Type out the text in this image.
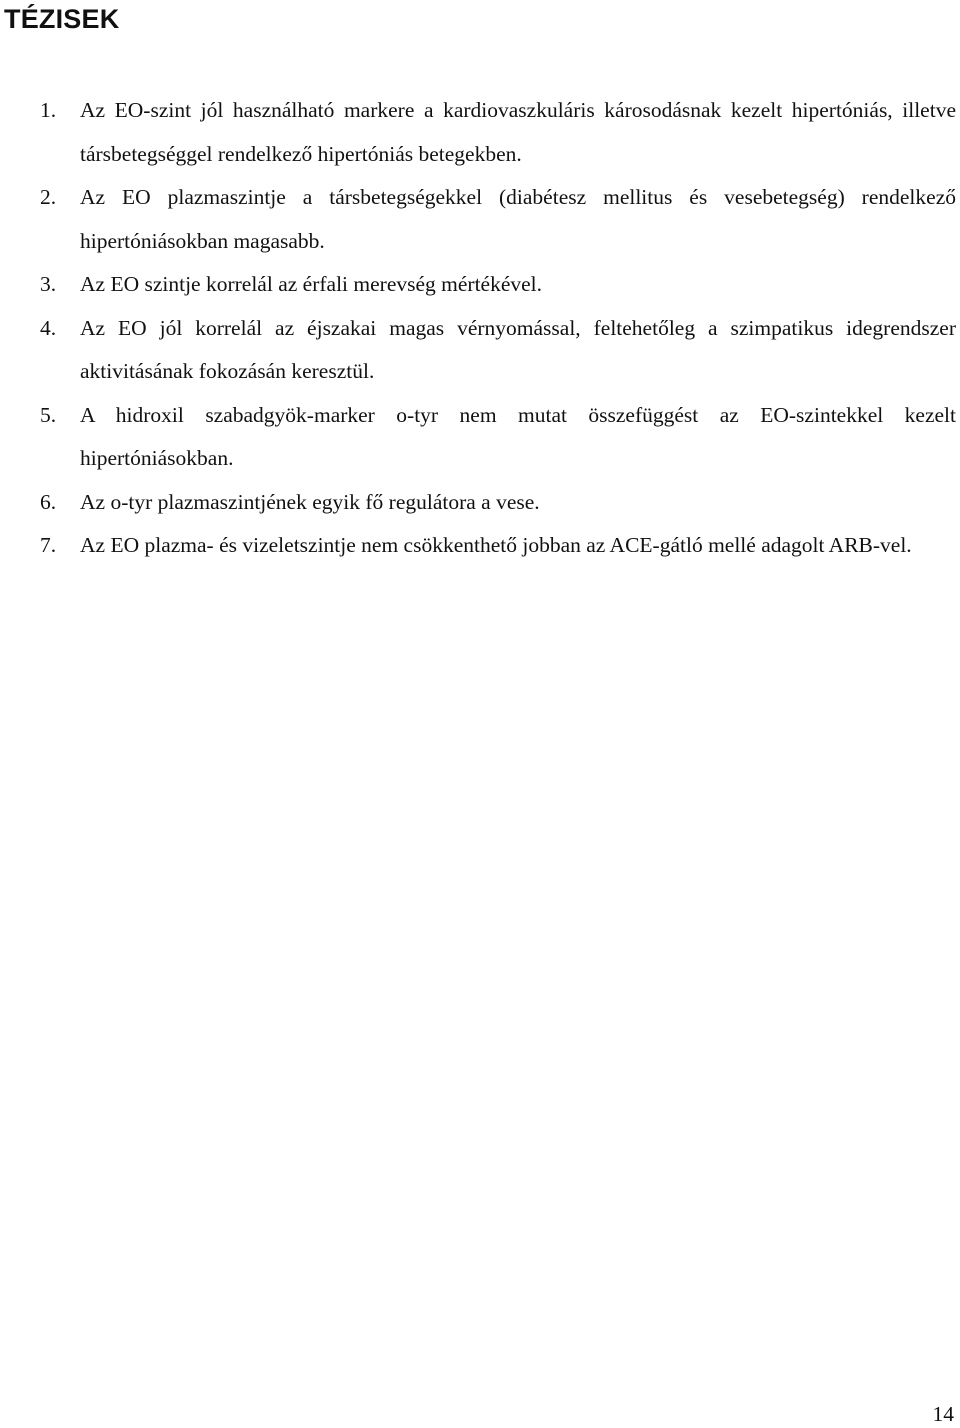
TÉZISEK
1. Az EO-szint jól használható markere a kardiovaszkuláris károsodásnak kezelt hipertóniás, illetve társbetegséggel rendelkező hipertóniás betegekben.
2. Az EO plazmaszintje a társbetegségekkel (diabétesz mellitus és vesebetegség) rendelkező hipertóniásokban magasabb.
3. Az EO szintje korrelál az érfali merevség mértékével.
4. Az EO jól korrelál az éjszakai magas vérnyomással, feltehetőleg a szimpatikus idegrendszer aktivitásának fokozásán keresztül.
5. A hidroxil szabadgyök-marker o-tyr nem mutat összefüggést az EO-szintekkel kezelt hipertóniásokban.
6. Az o-tyr plazmaszintjének egyik fő regulátora a vese.
7. Az EO plazma- és vizeletszintje nem csökkenthető jobban az ACE-gátló mellé adagolt ARB-vel.
14
